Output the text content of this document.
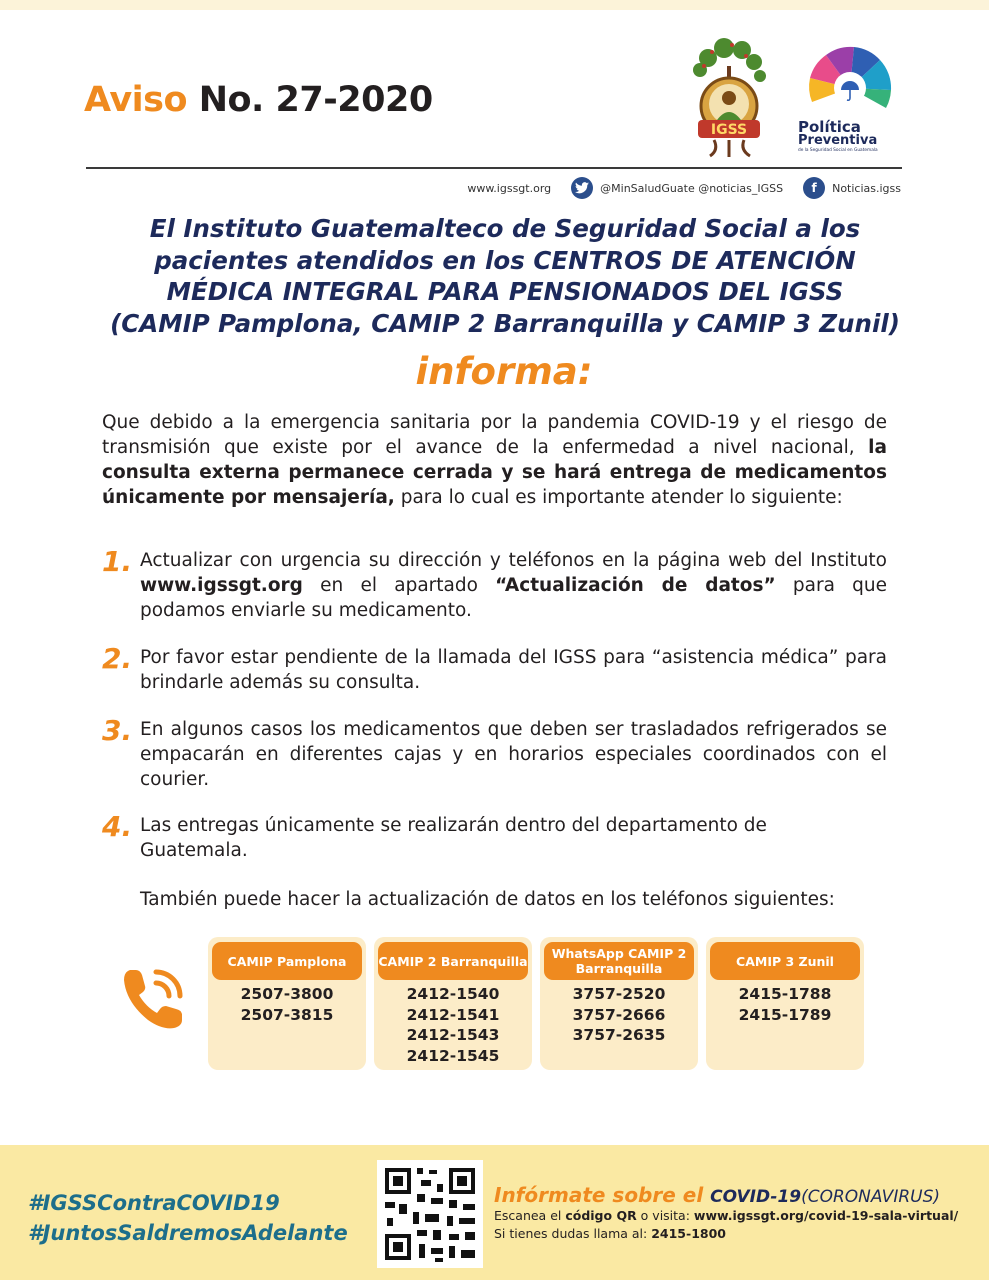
Aviso No. 27-2020
IGSS	Política
Preventiva
de la Seguridad Social en Guatemala
www.igssgt.org	@MinSaludGuate @noticias_IGSS	f	Noticias.igss
El Instituto Guatemalteco de Seguridad Social a los
pacientes atendidos en los CENTROS DE ATENCIÓN
MÉDICA INTEGRAL PARA PENSIONADOS DEL IGSS
(CAMIP Pamplona, CAMIP 2 Barranquilla y CAMIP 3 Zunil)
informa:

Que debido a la emergencia sanitaria por la pandemia COVID-19 y el riesgo de transmisión que existe por el avance de la enfermedad a nivel nacional, la consulta externa permanece cerrada y se hará entrega de medicamentos únicamente por mensajería, para lo cual es importante atender lo siguiente:

1. Actualizar con urgencia su dirección y teléfonos en la página web del Instituto www.igssgt.org en el apartado “Actualización de datos” para que podamos enviarle su medicamento.
2. Por favor estar pendiente de la llamada del IGSS para “asistencia médica” para brindarle además su consulta.
3. En algunos casos los medicamentos que deben ser trasladados refrigerados se empacarán en diferentes cajas y en horarios especiales coordinados con el courier.
4. Las entregas únicamente se realizarán dentro del departamento de Guatemala.
También puede hacer la actualización de datos en los teléfonos siguientes:
CAMIP Pamplona
2507-3800
2507-3815
CAMIP 2 Barranquilla
2412-1540
2412-1541
2412-1543
2412-1545
WhatsApp CAMIP 2 Barranquilla
3757-2520
3757-2666
3757-2635
CAMIP 3 Zunil
2415-1788
2415-1789
#IGSSContraCOVID19
#JuntosSaldremosAdelante
Infórmate sobre el COVID-19(CORONAVIRUS)
Escanea el código QR o visita: www.igssgt.org/covid-19-sala-virtual/
Si tienes dudas llama al: 2415-1800
